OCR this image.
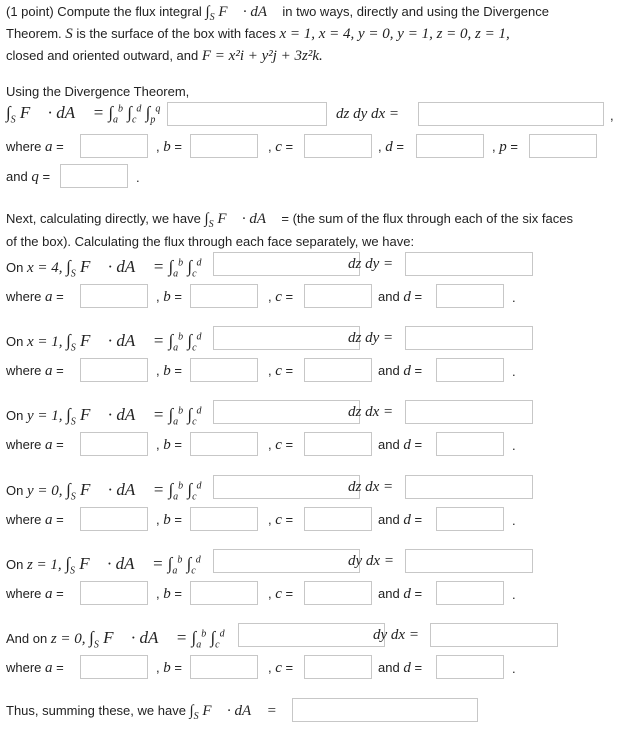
(1 point) Compute the flux integral $\int_S$ F⃗ · dA⃗ in two ways, directly and using the Divergence
Theorem. S is the surface of the box with faces x = 1, x = 4, y = 0, y = 1, z = 0, z = 1,
closed and oriented outward, and F = x²i + y²j + 3z²k.
Using the Divergence Theorem,
$\int_S$ F⃗ · dA⃗ = $\int_a^b$ $\int_c^d$ $\int_p^q$	dz dy dx =	,
where a =	, b =	, c =	, d =	, p =
and q =	.
Next, calculating directly, we have $\int_S$ F⃗ · dA⃗ = (the sum of the flux through each of the six faces
of the box). Calculating the flux through each face separately, we have:
On x = 4, $\int_S$ F⃗ · dA⃗ = $\int_a^b$ $\int_c^d$	dz dy =
where a =	, b =	, c =	and d =	.
On x = 1, $\int_S$ F⃗ · dA⃗ = $\int_a^b$ $\int_c^d$	dz dy =
where a =	, b =	, c =	and d =	.
On y = 1, $\int_S$ F⃗ · dA⃗ = $\int_a^b$ $\int_c^d$	dz dx =
where a =	, b =	, c =	and d =	.
On y = 0, $\int_S$ F⃗ · dA⃗ = $\int_a^b$ $\int_c^d$	dz dx =
where a =	, b =	, c =	and d =	.
On z = 1, $\int_S$ F⃗ · dA⃗ = $\int_a^b$ $\int_c^d$	dy dx =
where a =	, b =	, c =	and d =	.
And on z = 0, $\int_S$ F⃗ · dA⃗ = $\int_a^b$ $\int_c^d$	dy dx =
where a =	, b =	, c =	and d =	.
Thus, summing these, we have $\int_S$ F⃗ · dA⃗ =
